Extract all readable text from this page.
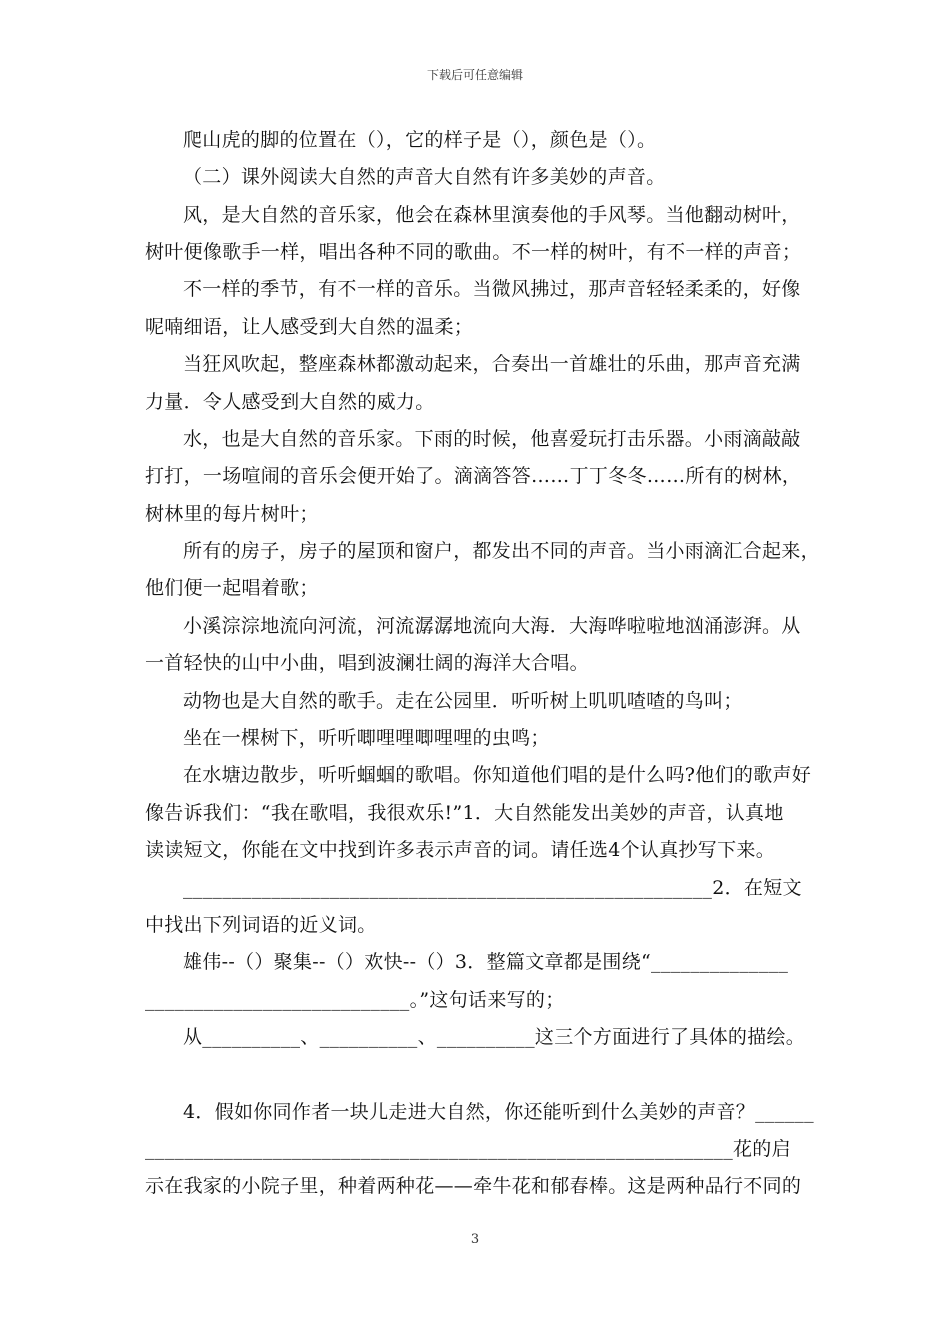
下载后可任意编辑
爬山虎的脚的位置在（），它的样子是（），颜色是（）。
（二）课外阅读大自然的声音大自然有许多美妙的声音。
风，是大自然的音乐家，他会在森林里演奏他的手风琴。当他翻动树叶，
树叶便像歌手一样，唱出各种不同的歌曲。不一样的树叶，有不一样的声音；
不一样的季节，有不一样的音乐。当微风拂过，那声音轻轻柔柔的，好像
呢喃细语，让人感受到大自然的温柔；
当狂风吹起，整座森林都激动起来，合奏出一首雄壮的乐曲，那声音充满
力量．令人感受到大自然的威力。
水，也是大自然的音乐家。下雨的时候，他喜爱玩打击乐器。小雨滴敲敲
打打，一场喧闹的音乐会便开始了。滴滴答答……丁丁冬冬……所有的树林，
树林里的每片树叶；
所有的房子，房子的屋顶和窗户，都发出不同的声音。当小雨滴汇合起来，
他们便一起唱着歌；
小溪淙淙地流向河流，河流潺潺地流向大海．大海哗啦啦地汹涌澎湃。从
一首轻快的山中小曲，唱到波澜壮阔的海洋大合唱。
动物也是大自然的歌手。走在公园里．听听树上叽叽喳喳的鸟叫；
坐在一棵树下，听听唧哩哩唧哩哩的虫鸣；
在水塘边散步，听听蝈蝈的歌唱。你知道他们唱的是什么吗?他们的歌声好
像告诉我们：“我在歌唱，我很欢乐!”1．大自然能发出美妙的声音，认真地
读读短文，你能在文中找到许多表示声音的词。请任选4个认真抄写下来。
______________________________________________________2．在短文
中找出下列词语的近义词。
雄伟--（）聚集--（）欢快--（）3．整篇文章都是围绕“______________
___________________________。”这句话来写的；
从__________、__________、__________这三个方面进行了具体的描绘。
4．假如你同作者一块儿走进大自然，你还能听到什么美妙的声音？______
____________________________________________________________花的启
示在我家的小院子里，种着两种花——牵牛花和郁春棒。这是两种品行不同的
3
